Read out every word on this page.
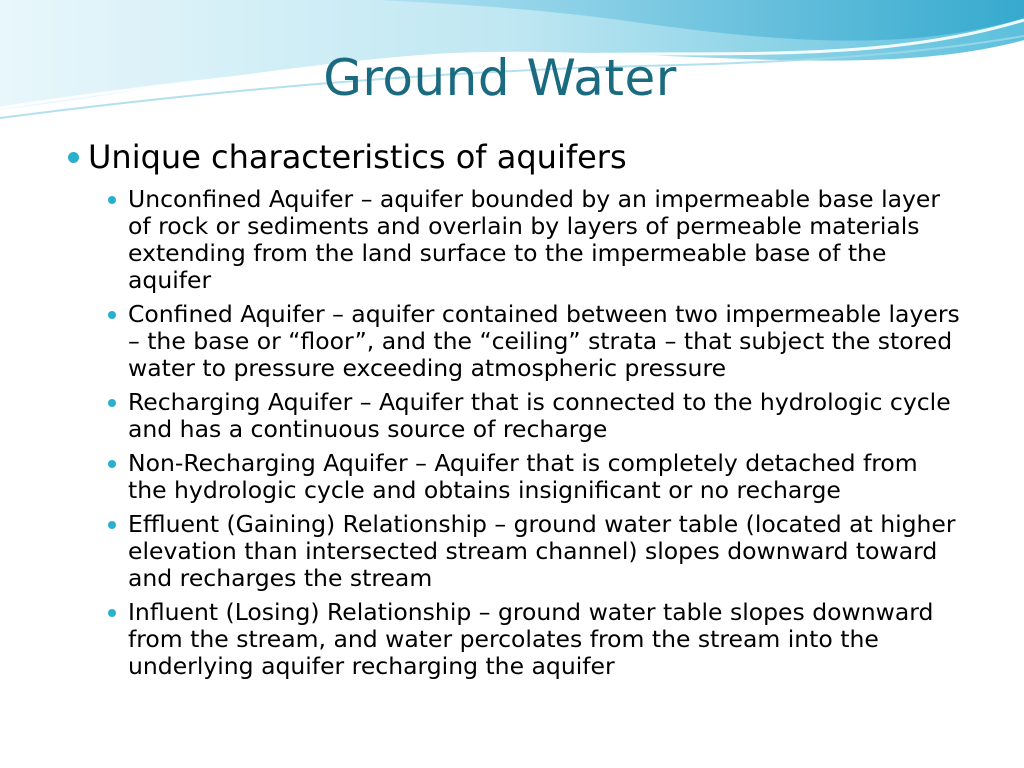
Ground Water
Unique characteristics of aquifers
Unconfined Aquifer – aquifer bounded by an impermeable base layer of rock or sediments and overlain by layers of permeable materials extending from the land surface to the impermeable base of the aquifer
Confined Aquifer – aquifer contained between two impermeable layers – the base or “floor”, and the “ceiling” strata – that subject the stored water to pressure exceeding atmospheric pressure
Recharging Aquifer – Aquifer that is connected to the hydrologic cycle and has a continuous source of recharge
Non-Recharging Aquifer – Aquifer that is completely detached from the hydrologic cycle and obtains insignificant or no recharge
Effluent (Gaining) Relationship – ground water table (located at higher elevation than intersected stream channel) slopes downward toward and recharges the stream
Influent (Losing) Relationship – ground water table slopes downward from the stream, and water percolates from the stream into the underlying aquifer recharging the aquifer
